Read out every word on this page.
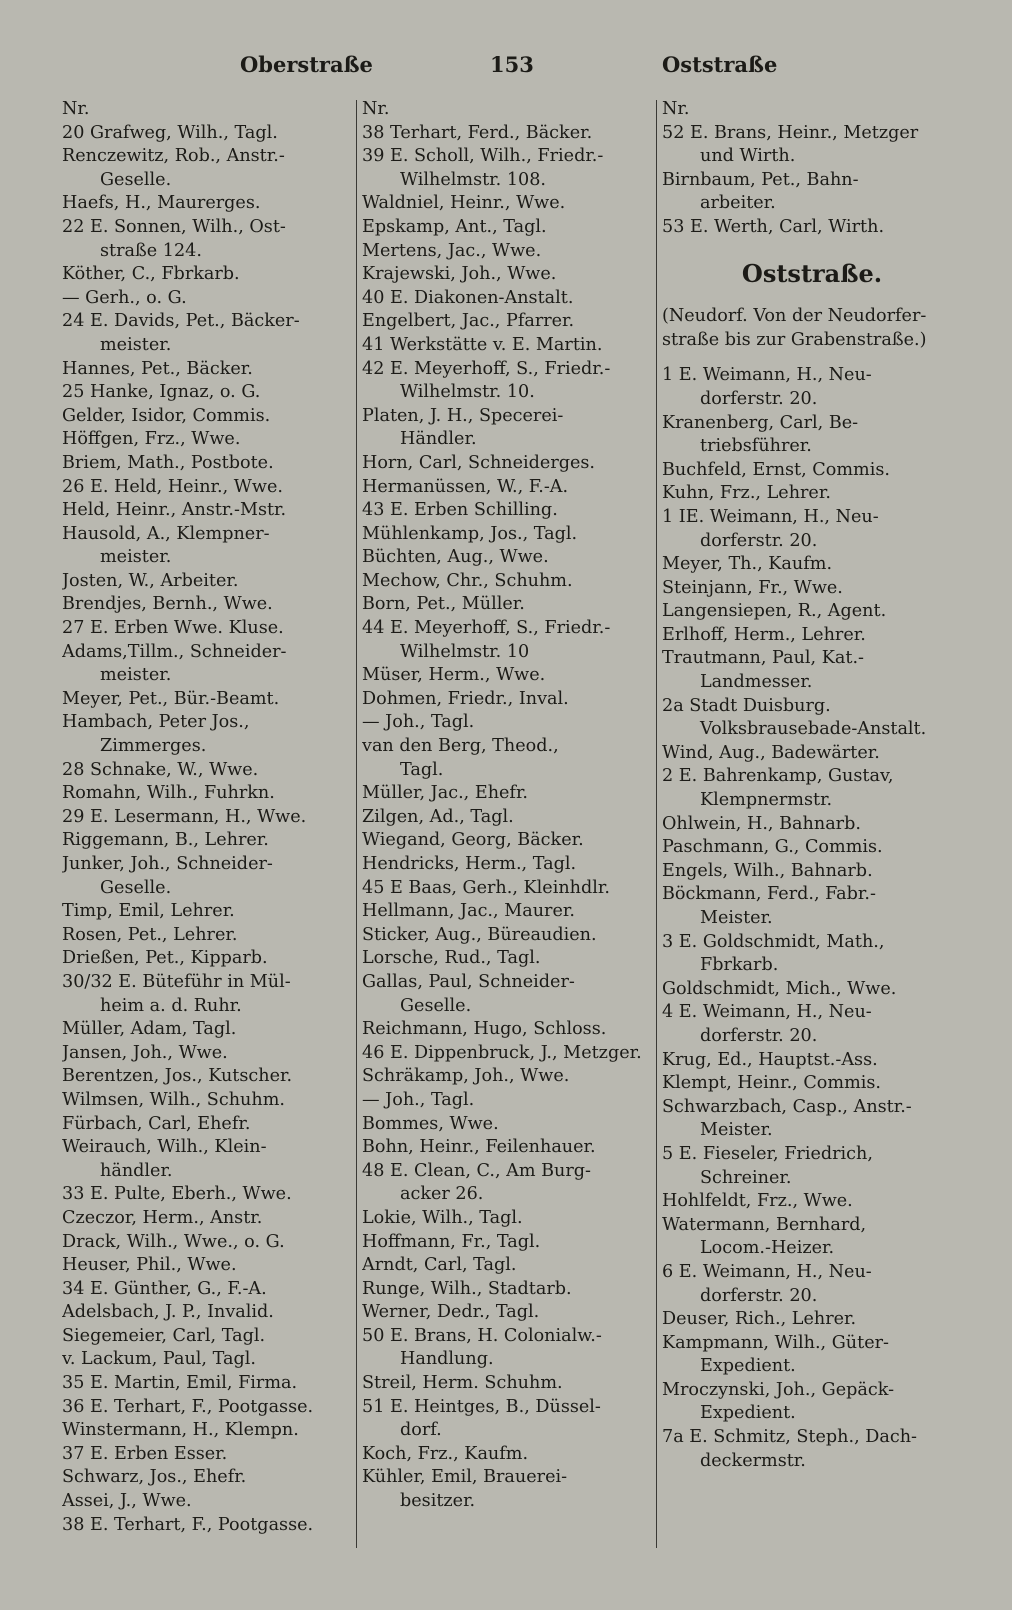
Oberstraße	153	Oststraße
Nr.
20 Grafweg, Wilh., Tagl.
Renczewitz, Rob., Anstr.-
Geselle.
Haefs, H., Maurerges.
22 E. Sonnen, Wilh., Ost-
straße 124.
Köther, C., Fbrkarb.
— Gerh., o. G.
24 E. Davids, Pet., Bäcker-
meister.
Hannes, Pet., Bäcker.
25 Hanke, Ignaz, o. G.
Gelder, Isidor, Commis.
Höffgen, Frz., Wwe.
Briem, Math., Postbote.
26 E. Held, Heinr., Wwe.
Held, Heinr., Anstr.-Mstr.
Hausold, A., Klempner-
meister.
Josten, W., Arbeiter.
Brendjes, Bernh., Wwe.
27 E. Erben Wwe. Kluse.
Adams,Tillm., Schneider-
meister.
Meyer, Pet., Bür.-Beamt.
Hambach, Peter Jos.,
Zimmerges.
28 Schnake, W., Wwe.
Romahn, Wilh., Fuhrkn.
29 E. Lesermann, H., Wwe.
Riggemann, B., Lehrer.
Junker, Joh., Schneider-
Geselle.
Timp, Emil, Lehrer.
Rosen, Pet., Lehrer.
Drießen, Pet., Kipparb.
30/32 E. Büteführ in Mül-
heim a. d. Ruhr.
Müller, Adam, Tagl.
Jansen, Joh., Wwe.
Berentzen, Jos., Kutscher.
Wilmsen, Wilh., Schuhm.
Fürbach, Carl, Ehefr.
Weirauch, Wilh., Klein-
händler.
33 E. Pulte, Eberh., Wwe.
Czeczor, Herm., Anstr.
Drack, Wilh., Wwe., o. G.
Heuser, Phil., Wwe.
34 E. Günther, G., F.-A.
Adelsbach, J. P., Invalid.
Siegemeier, Carl, Tagl.
v. Lackum, Paul, Tagl.
35 E. Martin, Emil, Firma.
36 E. Terhart, F., Pootgasse.
Winstermann, H., Klempn.
37 E. Erben Esser.
Schwarz, Jos., Ehefr.
Assei, J., Wwe.
38 E. Terhart, F., Pootgasse.
Nr.
38 Terhart, Ferd., Bäcker.
39 E. Scholl, Wilh., Friedr.-
Wilhelmstr. 108.
Waldniel, Heinr., Wwe.
Epskamp, Ant., Tagl.
Mertens, Jac., Wwe.
Krajewski, Joh., Wwe.
40 E. Diakonen-Anstalt.
Engelbert, Jac., Pfarrer.
41 Werkstätte v. E. Martin.
42 E. Meyerhoff, S., Friedr.-
Wilhelmstr. 10.
Platen, J. H., Specerei-
Händler.
Horn, Carl, Schneiderges.
Hermanüssen, W., F.-A.
43 E. Erben Schilling.
Mühlenkamp, Jos., Tagl.
Büchten, Aug., Wwe.
Mechow, Chr., Schuhm.
Born, Pet., Müller.
44 E. Meyerhoff, S., Friedr.-
Wilhelmstr. 10
Müser, Herm., Wwe.
Dohmen, Friedr., Inval.
— Joh., Tagl.
van den Berg, Theod.,
Tagl.
Müller, Jac., Ehefr.
Zilgen, Ad., Tagl.
Wiegand, Georg, Bäcker.
Hendricks, Herm., Tagl.
45 E Baas, Gerh., Kleinhdlr.
Hellmann, Jac., Maurer.
Sticker, Aug., Büreaudien.
Lorsche, Rud., Tagl.
Gallas, Paul, Schneider-
Geselle.
Reichmann, Hugo, Schloss.
46 E. Dippenbruck, J., Metzger.
Schräkamp, Joh., Wwe.
— Joh., Tagl.
Bommes, Wwe.
Bohn, Heinr., Feilenhauer.
48 E. Clean, C., Am Burg-
acker 26.
Lokie, Wilh., Tagl.
Hoffmann, Fr., Tagl.
Arndt, Carl, Tagl.
Runge, Wilh., Stadtarb.
Werner, Dedr., Tagl.
50 E. Brans, H. Colonialw.-
Handlung.
Streil, Herm. Schuhm.
51 E. Heintges, B., Düssel-
dorf.
Koch, Frz., Kaufm.
Kühler, Emil, Brauerei-
besitzer.
Nr.
52 E. Brans, Heinr., Metzger
und Wirth.
Birnbaum, Pet., Bahn-
arbeiter.
53 E. Werth, Carl, Wirth.
Oststraße.
(Neudorf. Von der Neudorfer-straße bis zur Grabenstraße.)
1 E. Weimann, H., Neu-
dorferstr. 20.
Kranenberg, Carl, Be-
triebsführer.
Buchfeld, Ernst, Commis.
Kuhn, Frz., Lehrer.
1 IE. Weimann, H., Neu-
dorferstr. 20.
Meyer, Th., Kaufm.
Steinjann, Fr., Wwe.
Langensiepen, R., Agent.
Erlhoff, Herm., Lehrer.
Trautmann, Paul, Kat.-
Landmesser.
2a Stadt Duisburg.
Volksbrausebade-Anstalt.
Wind, Aug., Badewärter.
2 E. Bahrenkamp, Gustav,
Klempnermstr.
Ohlwein, H., Bahnarb.
Paschmann, G., Commis.
Engels, Wilh., Bahnarb.
Böckmann, Ferd., Fabr.-
Meister.
3 E. Goldschmidt, Math.,
Fbrkarb.
Goldschmidt, Mich., Wwe.
4 E. Weimann, H., Neu-
dorferstr. 20.
Krug, Ed., Hauptst.-Ass.
Klempt, Heinr., Commis.
Schwarzbach, Casp., Anstr.-
Meister.
5 E. Fieseler, Friedrich,
Schreiner.
Hohlfeldt, Frz., Wwe.
Watermann, Bernhard,
Locom.-Heizer.
6 E. Weimann, H., Neu-
dorferstr. 20.
Deuser, Rich., Lehrer.
Kampmann, Wilh., Güter-
Expedient.
Mroczynski, Joh., Gepäck-
Expedient.
7a E. Schmitz, Steph., Dach-
deckermstr.
